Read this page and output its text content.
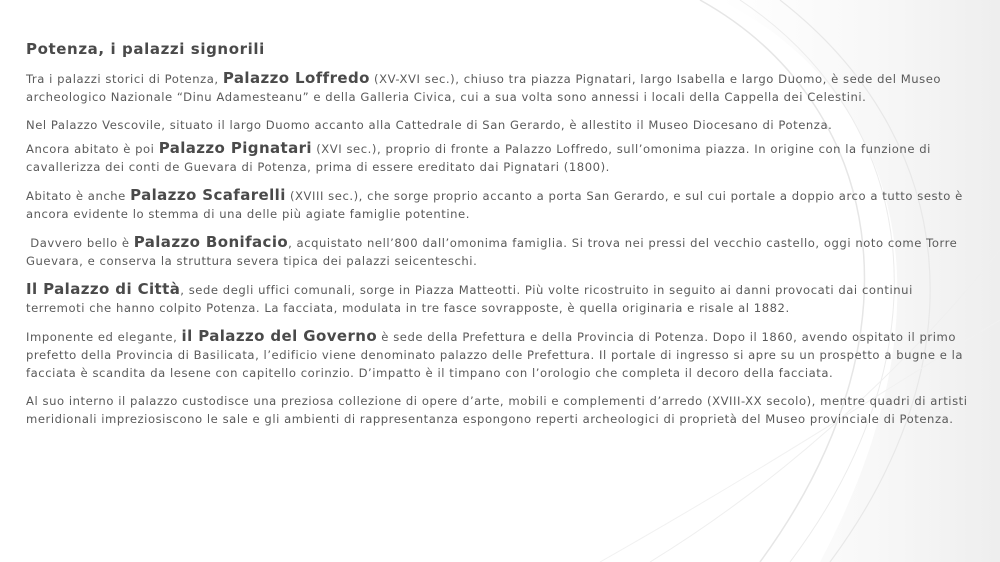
Potenza, i palazzi signorili

Tra i palazzi storici di Potenza, Palazzo Loffredo (XV-XVI sec.), chiuso tra piazza Pignatari, largo Isabella e largo Duomo, è sede del Museo archeologico Nazionale “Dinu Adamesteanu” e della Galleria Civica, cui a sua volta sono annessi i locali della Cappella dei Celestini.

Nel Palazzo Vescovile, situato il largo Duomo accanto alla Cattedrale di San Gerardo, è allestito il Museo Diocesano di Potenza.

Ancora abitato è poi Palazzo Pignatari (XVI sec.), proprio di fronte a Palazzo Loffredo, sull’omonima piazza. In origine con la funzione di cavallerizza dei conti de Guevara di Potenza, prima di essere ereditato dai Pignatari (1800).

Abitato è anche Palazzo Scafarelli (XVIII sec.), che sorge proprio accanto a porta San Gerardo, e sul cui portale a doppio arco a tutto sesto è ancora evidente lo stemma di una delle più agiate famiglie potentine.

Davvero bello è Palazzo Bonifacio, acquistato nell’800 dall’omonima famiglia. Si trova nei pressi del vecchio castello, oggi noto come Torre Guevara, e conserva la struttura severa tipica dei palazzi seicenteschi.

Il Palazzo di Città, sede degli uffici comunali, sorge in Piazza Matteotti. Più volte ricostruito in seguito ai danni provocati dai continui terremoti che hanno colpito Potenza. La facciata, modulata in tre fasce sovrapposte, è quella originaria e risale al 1882.

Imponente ed elegante, il Palazzo del Governo è sede della Prefettura e della Provincia di Potenza. Dopo il 1860, avendo ospitato il primo prefetto della Provincia di Basilicata, l’edificio viene denominato palazzo delle Prefettura. Il portale di ingresso si apre su un prospetto a bugne e la facciata è scandita da lesene con capitello corinzio. D’impatto è il timpano con l’orologio che completa il decoro della facciata.

Al suo interno il palazzo custodisce una preziosa collezione di opere d’arte, mobili e complementi d’arredo (XVIII-XX secolo), mentre quadri di artisti meridionali impreziosiscono le sale e gli ambienti di rappresentanza espongono reperti archeologici di proprietà del Museo provinciale di Potenza.
